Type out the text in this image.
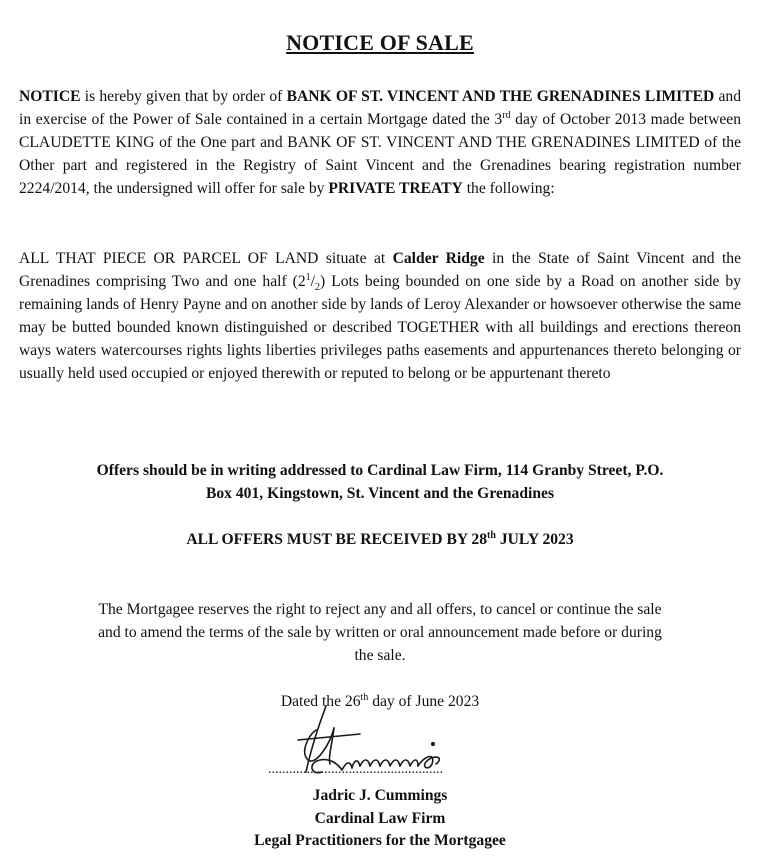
NOTICE OF SALE
NOTICE is hereby given that by order of BANK OF ST. VINCENT AND THE GRENADINES LIMITED and in exercise of the Power of Sale contained in a certain Mortgage dated the 3rd day of October 2013 made between CLAUDETTE KING of the One part and BANK OF ST. VINCENT AND THE GRENADINES LIMITED of the Other part and registered in the Registry of Saint Vincent and the Grenadines bearing registration number 2224/2014, the undersigned will offer for sale by PRIVATE TREATY the following:
ALL THAT PIECE OR PARCEL OF LAND situate at Calder Ridge in the State of Saint Vincent and the Grenadines comprising Two and one half $(2^1/_2)$ Lots being bounded on one side by a Road on another side by remaining lands of Henry Payne and on another side by lands of Leroy Alexander or howsoever otherwise the same may be butted bounded known distinguished or described TOGETHER with all buildings and erections thereon ways waters watercourses rights lights liberties privileges paths easements and appurtenances thereto belonging or usually held used occupied or enjoyed therewith or reputed to belong or be appurtenant thereto
Offers should be in writing addressed to Cardinal Law Firm, 114 Granby Street, P.O.
Box 401, Kingstown, St. Vincent and the Grenadines
ALL OFFERS MUST BE RECEIVED BY 28th JULY 2023
The Mortgagee reserves the right to reject any and all offers, to cancel or continue the sale
and to amend the terms of the sale by written or oral announcement made before or during
the sale.
Dated the 26th day of June 2023
..................................................
Jadric J. Cummings
Cardinal Law Firm
Legal Practitioners for the Mortgagee
